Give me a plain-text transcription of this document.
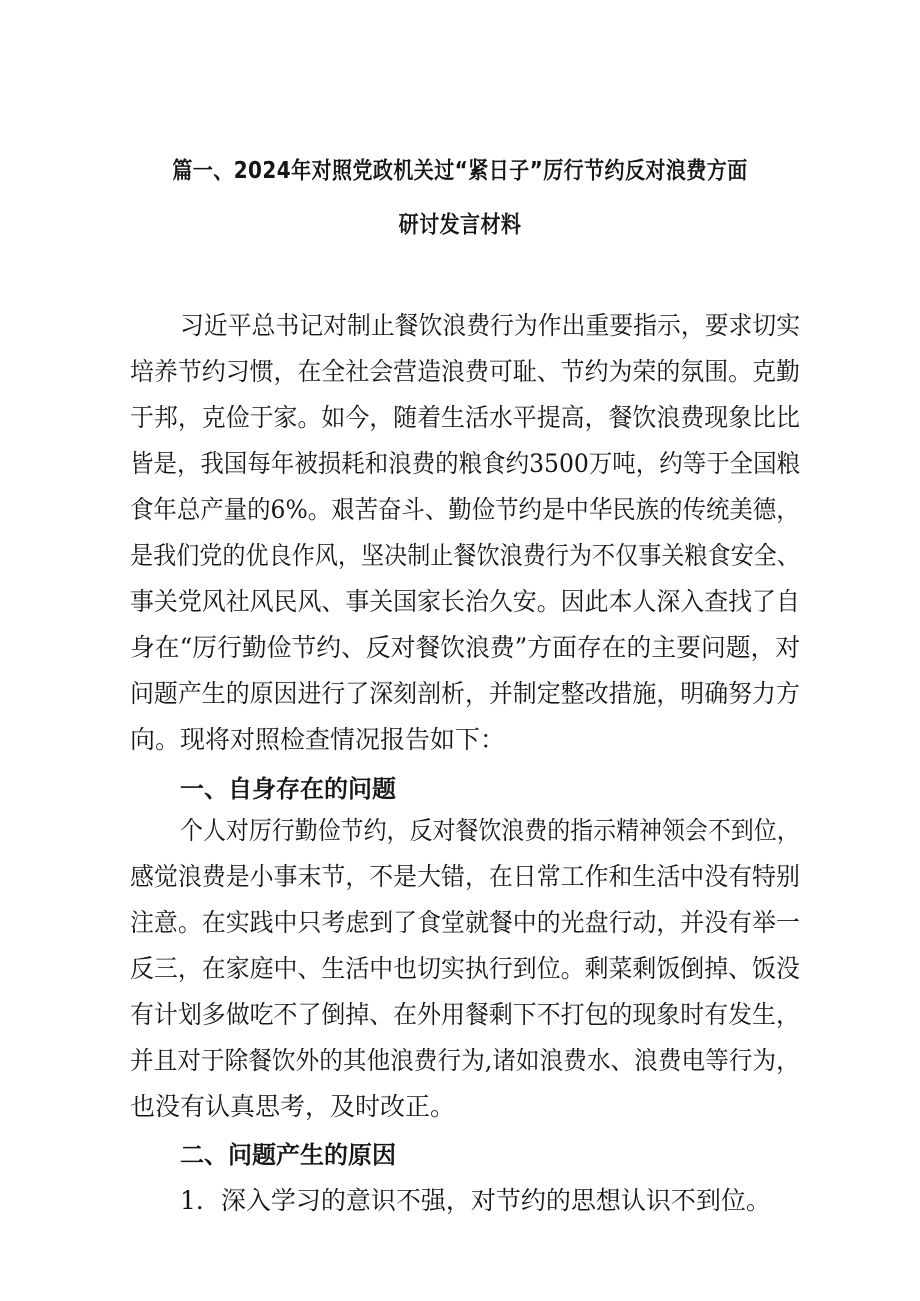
篇一、2024年对照党政机关过“紧日子”厉行节约反对浪费方面
研讨发言材料
习近平总书记对制止餐饮浪费行为作出重要指示，要求切实
培养节约习惯，在全社会营造浪费可耻、节约为荣的氛围。克勤
于邦，克俭于家。如今，随着生活水平提高，餐饮浪费现象比比
皆是，我国每年被损耗和浪费的粮食约3500万吨，约等于全国粮
食年总产量的6%。艰苦奋斗、勤俭节约是中华民族的传统美德，
是我们党的优良作风，坚决制止餐饮浪费行为不仅事关粮食安全、
事关党风社风民风、事关国家长治久安。因此本人深入查找了自
身在“厉行勤俭节约、反对餐饮浪费”方面存在的主要问题，对
问题产生的原因进行了深刻剖析，并制定整改措施，明确努力方
向。现将对照检查情况报告如下：
一、自身存在的问题
个人对厉行勤俭节约，反对餐饮浪费的指示精神领会不到位，
感觉浪费是小事末节，不是大错，在日常工作和生活中没有特别
注意。在实践中只考虑到了食堂就餐中的光盘行动，并没有举一
反三，在家庭中、生活中也切实执行到位。剩菜剩饭倒掉、饭没
有计划多做吃不了倒掉、在外用餐剩下不打包的现象时有发生，
并且对于除餐饮外的其他浪费行为,诸如浪费水、浪费电等行为，
也没有认真思考，及时改正。
二、问题产生的原因
1．深入学习的意识不强，对节约的思想认识不到位。
